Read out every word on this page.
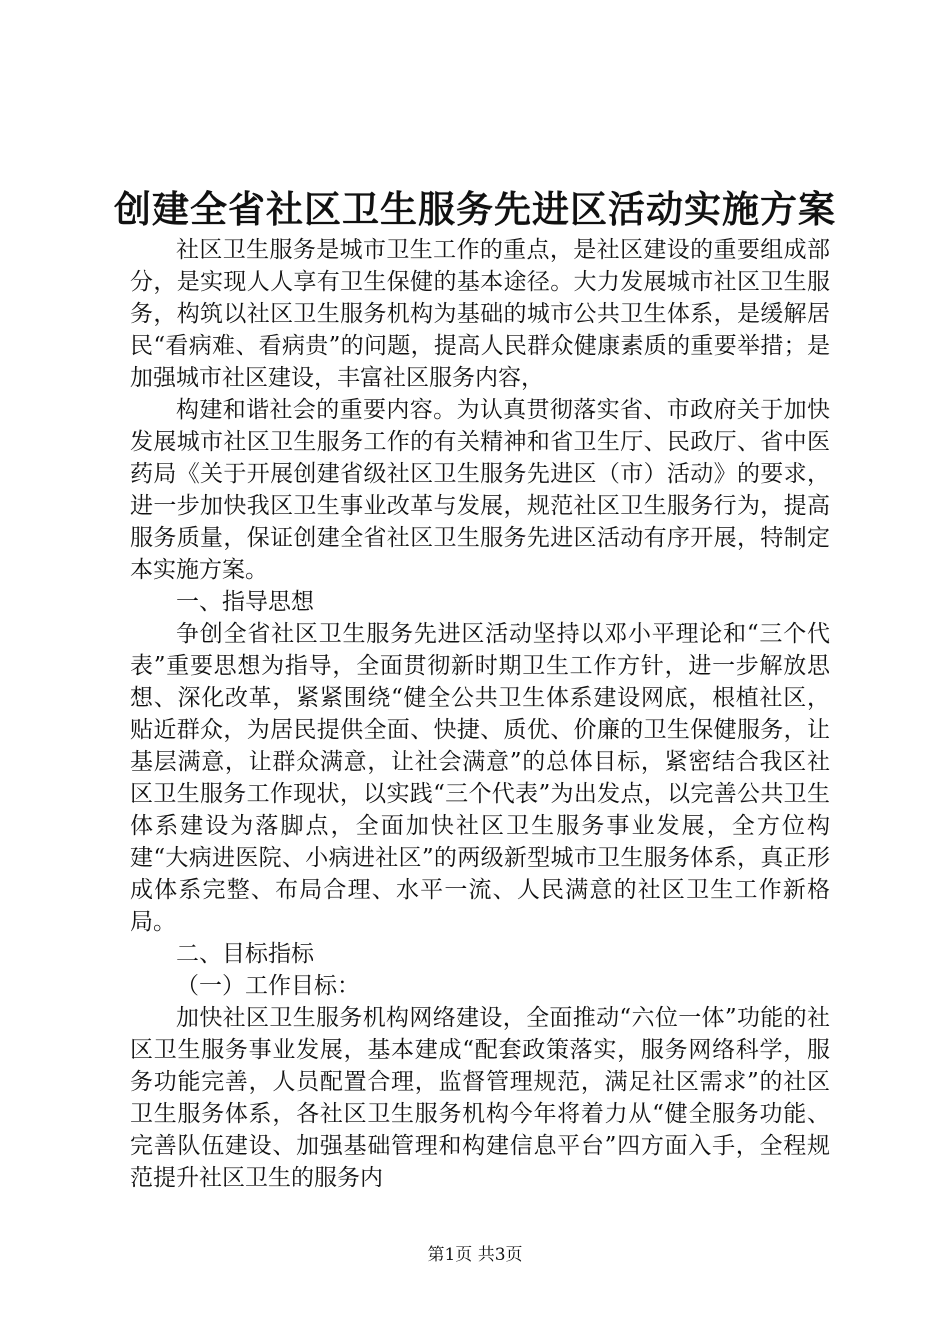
创建全省社区卫生服务先进区活动实施方案

社区卫生服务是城市卫生工作的重点，是社区建设的重要组成部分，是实现人人享有卫生保健的基本途径。大力发展城市社区卫生服务，构筑以社区卫生服务机构为基础的城市公共卫生体系，是缓解居民“看病难、看病贵”的问题，提高人民群众健康素质的重要举措；是加强城市社区建设，丰富社区服务内容，

构建和谐社会的重要内容。为认真贯彻落实省、市政府关于加快发展城市社区卫生服务工作的有关精神和省卫生厅、民政厅、省中医药局《关于开展创建省级社区卫生服务先进区（市）活动》的要求，进一步加快我区卫生事业改革与发展，规范社区卫生服务行为，提高服务质量，保证创建全省社区卫生服务先进区活动有序开展，特制定本实施方案。

一、指导思想

争创全省社区卫生服务先进区活动坚持以邓小平理论和“三个代表”重要思想为指导，全面贯彻新时期卫生工作方针，进一步解放思想、深化改革，紧紧围绕“健全公共卫生体系建设网底，根植社区，贴近群众，为居民提供全面、快捷、质优、价廉的卫生保健服务，让基层满意，让群众满意，让社会满意”的总体目标，紧密结合我区社区卫生服务工作现状，以实践“三个代表”为出发点，以完善公共卫生体系建设为落脚点，全面加快社区卫生服务事业发展，全方位构建“大病进医院、小病进社区”的两级新型城市卫生服务体系，真正形成体系完整、布局合理、水平一流、人民满意的社区卫生工作新格局。

二、目标指标

（一）工作目标：

加快社区卫生服务机构网络建设，全面推动“六位一体”功能的社区卫生服务事业发展，基本建成“配套政策落实，服务网络科学，服务功能完善，人员配置合理，监督管理规范，满足社区需求”的社区卫生服务体系，各社区卫生服务机构今年将着力从“健全服务功能、完善队伍建设、加强基础管理和构建信息平台”四方面入手，全程规范提升社区卫生的服务内

第1页 共3页
